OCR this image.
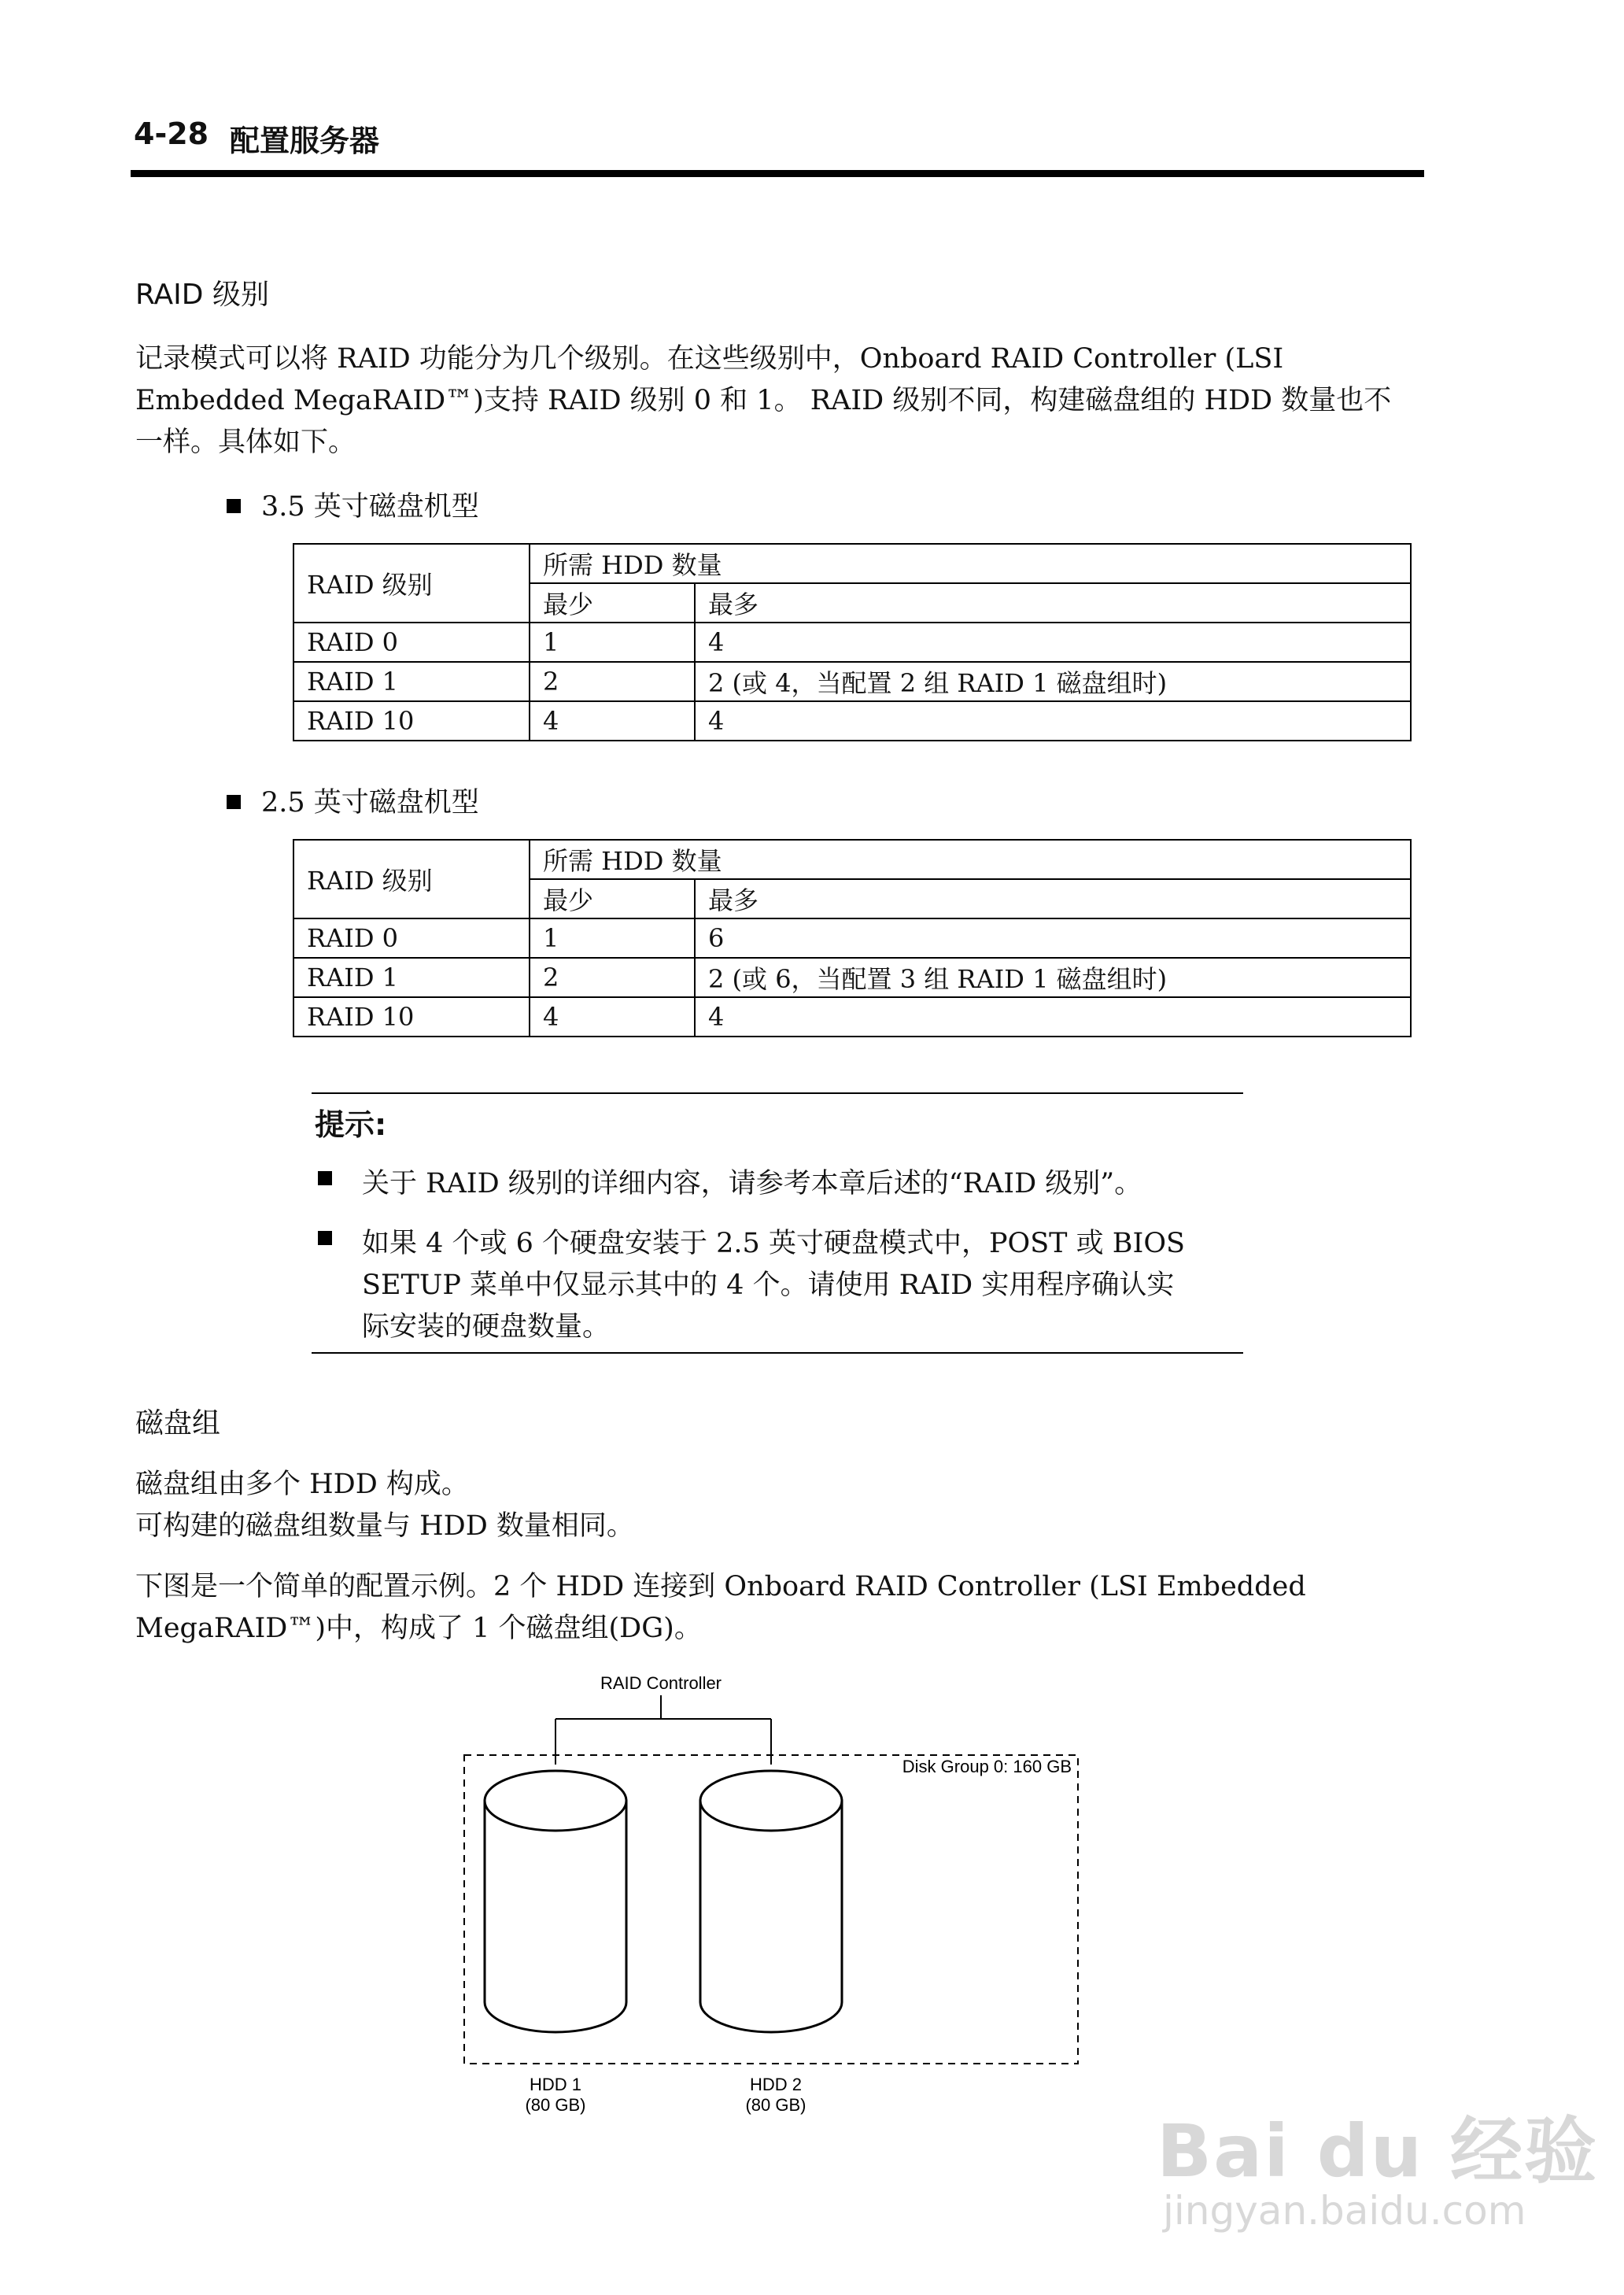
4-28 配置服务器
RAID 级别
记录模式可以将 RAID 功能分为几个级别。在这些级别中，Onboard RAID Controller (LSI
Embedded MegaRAID™)支持 RAID 级别 0 和 1。 RAID 级别不同，构建磁盘组的 HDD 数量也不
一样。具体如下。
3.5 英寸磁盘机型
RAID 级别	所需 HDD 数量	
	最少	最多
RAID 0	1	4
RAID 1	2	2 (或 4，当配置 2 组 RAID 1 磁盘组时)
RAID 10	4	4
2.5 英寸磁盘机型
RAID 级别	所需 HDD 数量	
	最少	最多
RAID 0	1	6
RAID 1	2	2 (或 6，当配置 3 组 RAID 1 磁盘组时)
RAID 10	4	4
提示:
关于 RAID 级别的详细内容，请参考本章后述的“RAID 级别”。
如果 4 个或 6 个硬盘安装于 2.5 英寸硬盘模式中，POST 或 BIOS
SETUP 菜单中仅显示其中的 4 个。请使用 RAID 实用程序确认实
际安装的硬盘数量。
磁盘组
磁盘组由多个 HDD 构成。
可构建的磁盘组数量与 HDD 数量相同。
下图是一个简单的配置示例。2 个 HDD 连接到 Onboard RAID Controller (LSI Embedded
MegaRAID™)中，构成了 1 个磁盘组(DG)。
RAID Controller
Disk Group 0: 160 GB
HDD 1
(80 GB)
HDD 2
(80 GB)
Bai du 经验
jingyan.baidu.com
